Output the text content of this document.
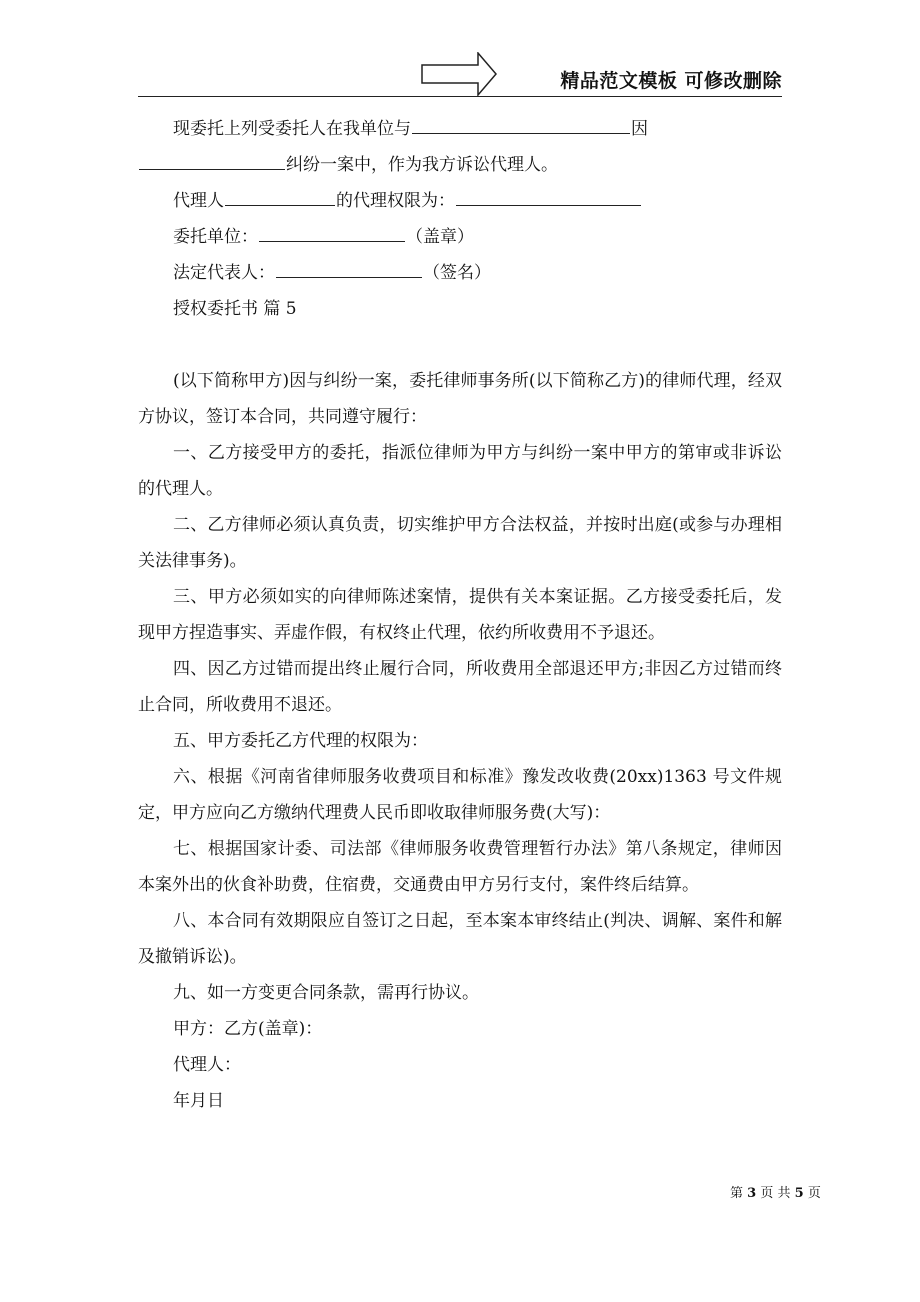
精品范文模板 可修改删除

现委托上列受委托人在我单位与	因

纠纷一案中，作为我方诉讼代理人。

代理人	的代理权限为：

委托单位：	（盖章）

法定代表人：	（签名）

授权委托书 篇 5

(以下简称甲方)因与纠纷一案，委托律师事务所(以下简称乙方)的律师代理，经双方协议，签订本合同，共同遵守履行：

一、乙方接受甲方的委托，指派位律师为甲方与纠纷一案中甲方的第审或非诉讼的代理人。

二、乙方律师必须认真负责，切实维护甲方合法权益，并按时出庭(或参与办理相关法律事务)。

三、甲方必须如实的向律师陈述案情，提供有关本案证据。乙方接受委托后，发现甲方捏造事实、弄虚作假，有权终止代理，依约所收费用不予退还。

四、因乙方过错而提出终止履行合同，所收费用全部退还甲方;非因乙方过错而终止合同，所收费用不退还。

五、甲方委托乙方代理的权限为：

六、根据《河南省律师服务收费项目和标准》豫发改收费(20xx)1363 号文件规定，甲方应向乙方缴纳代理费人民币即收取律师服务费(大写)：

七、根据国家计委、司法部《律师服务收费管理暂行办法》第八条规定，律师因本案外出的伙食补助费，住宿费，交通费由甲方另行支付，案件终后结算。

八、本合同有效期限应自签订之日起，至本案本审终结止(判决、调解、案件和解及撤销诉讼)。

九、如一方变更合同条款，需再行协议。

甲方：乙方(盖章)：

代理人：

年月日

第 3 页 共 5 页
